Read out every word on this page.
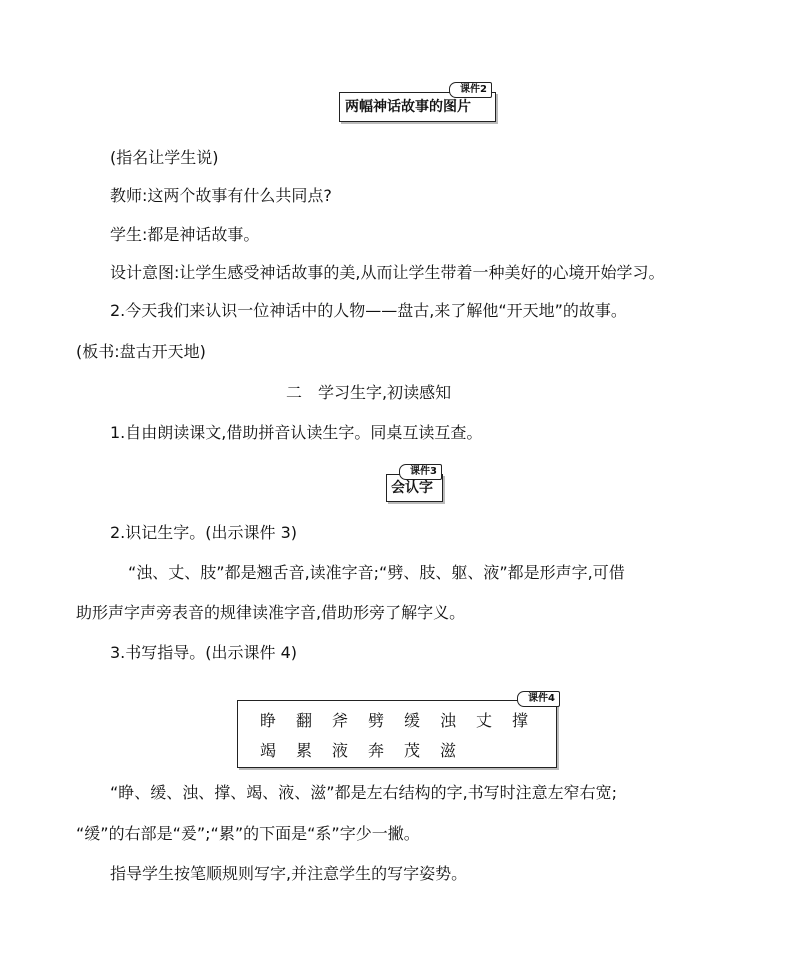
课件2
两幅神话故事的图片
(指名让学生说)
教师:这两个故事有什么共同点?
学生:都是神话故事。
设计意图:让学生感受神话故事的美,从而让学生带着一种美好的心境开始学习。
2.今天我们来认识一位神话中的人物——盘古,来了解他“开天地”的故事。
(板书:盘古开天地)
二　学习生字,初读感知
1.自由朗读课文,借助拼音认读生字。同桌互读互查。
课件3
会认字
2.识记生字。(出示课件 3)
“浊、丈、肢”都是翘舌音,读准字音;“劈、肢、躯、液”都是形声字,可借
助形声字声旁表音的规律读准字音,借助形旁了解字义。
3.书写指导。(出示课件 4)
课件4
睁 翻 斧 劈 缓 浊 丈 撑
竭 累 液 奔 茂 滋
“睁、缓、浊、撑、竭、液、滋”都是左右结构的字,书写时注意左窄右宽;
“缓”的右部是“爰”;“累”的下面是“系”字少一撇。
指导学生按笔顺规则写字,并注意学生的写字姿势。
